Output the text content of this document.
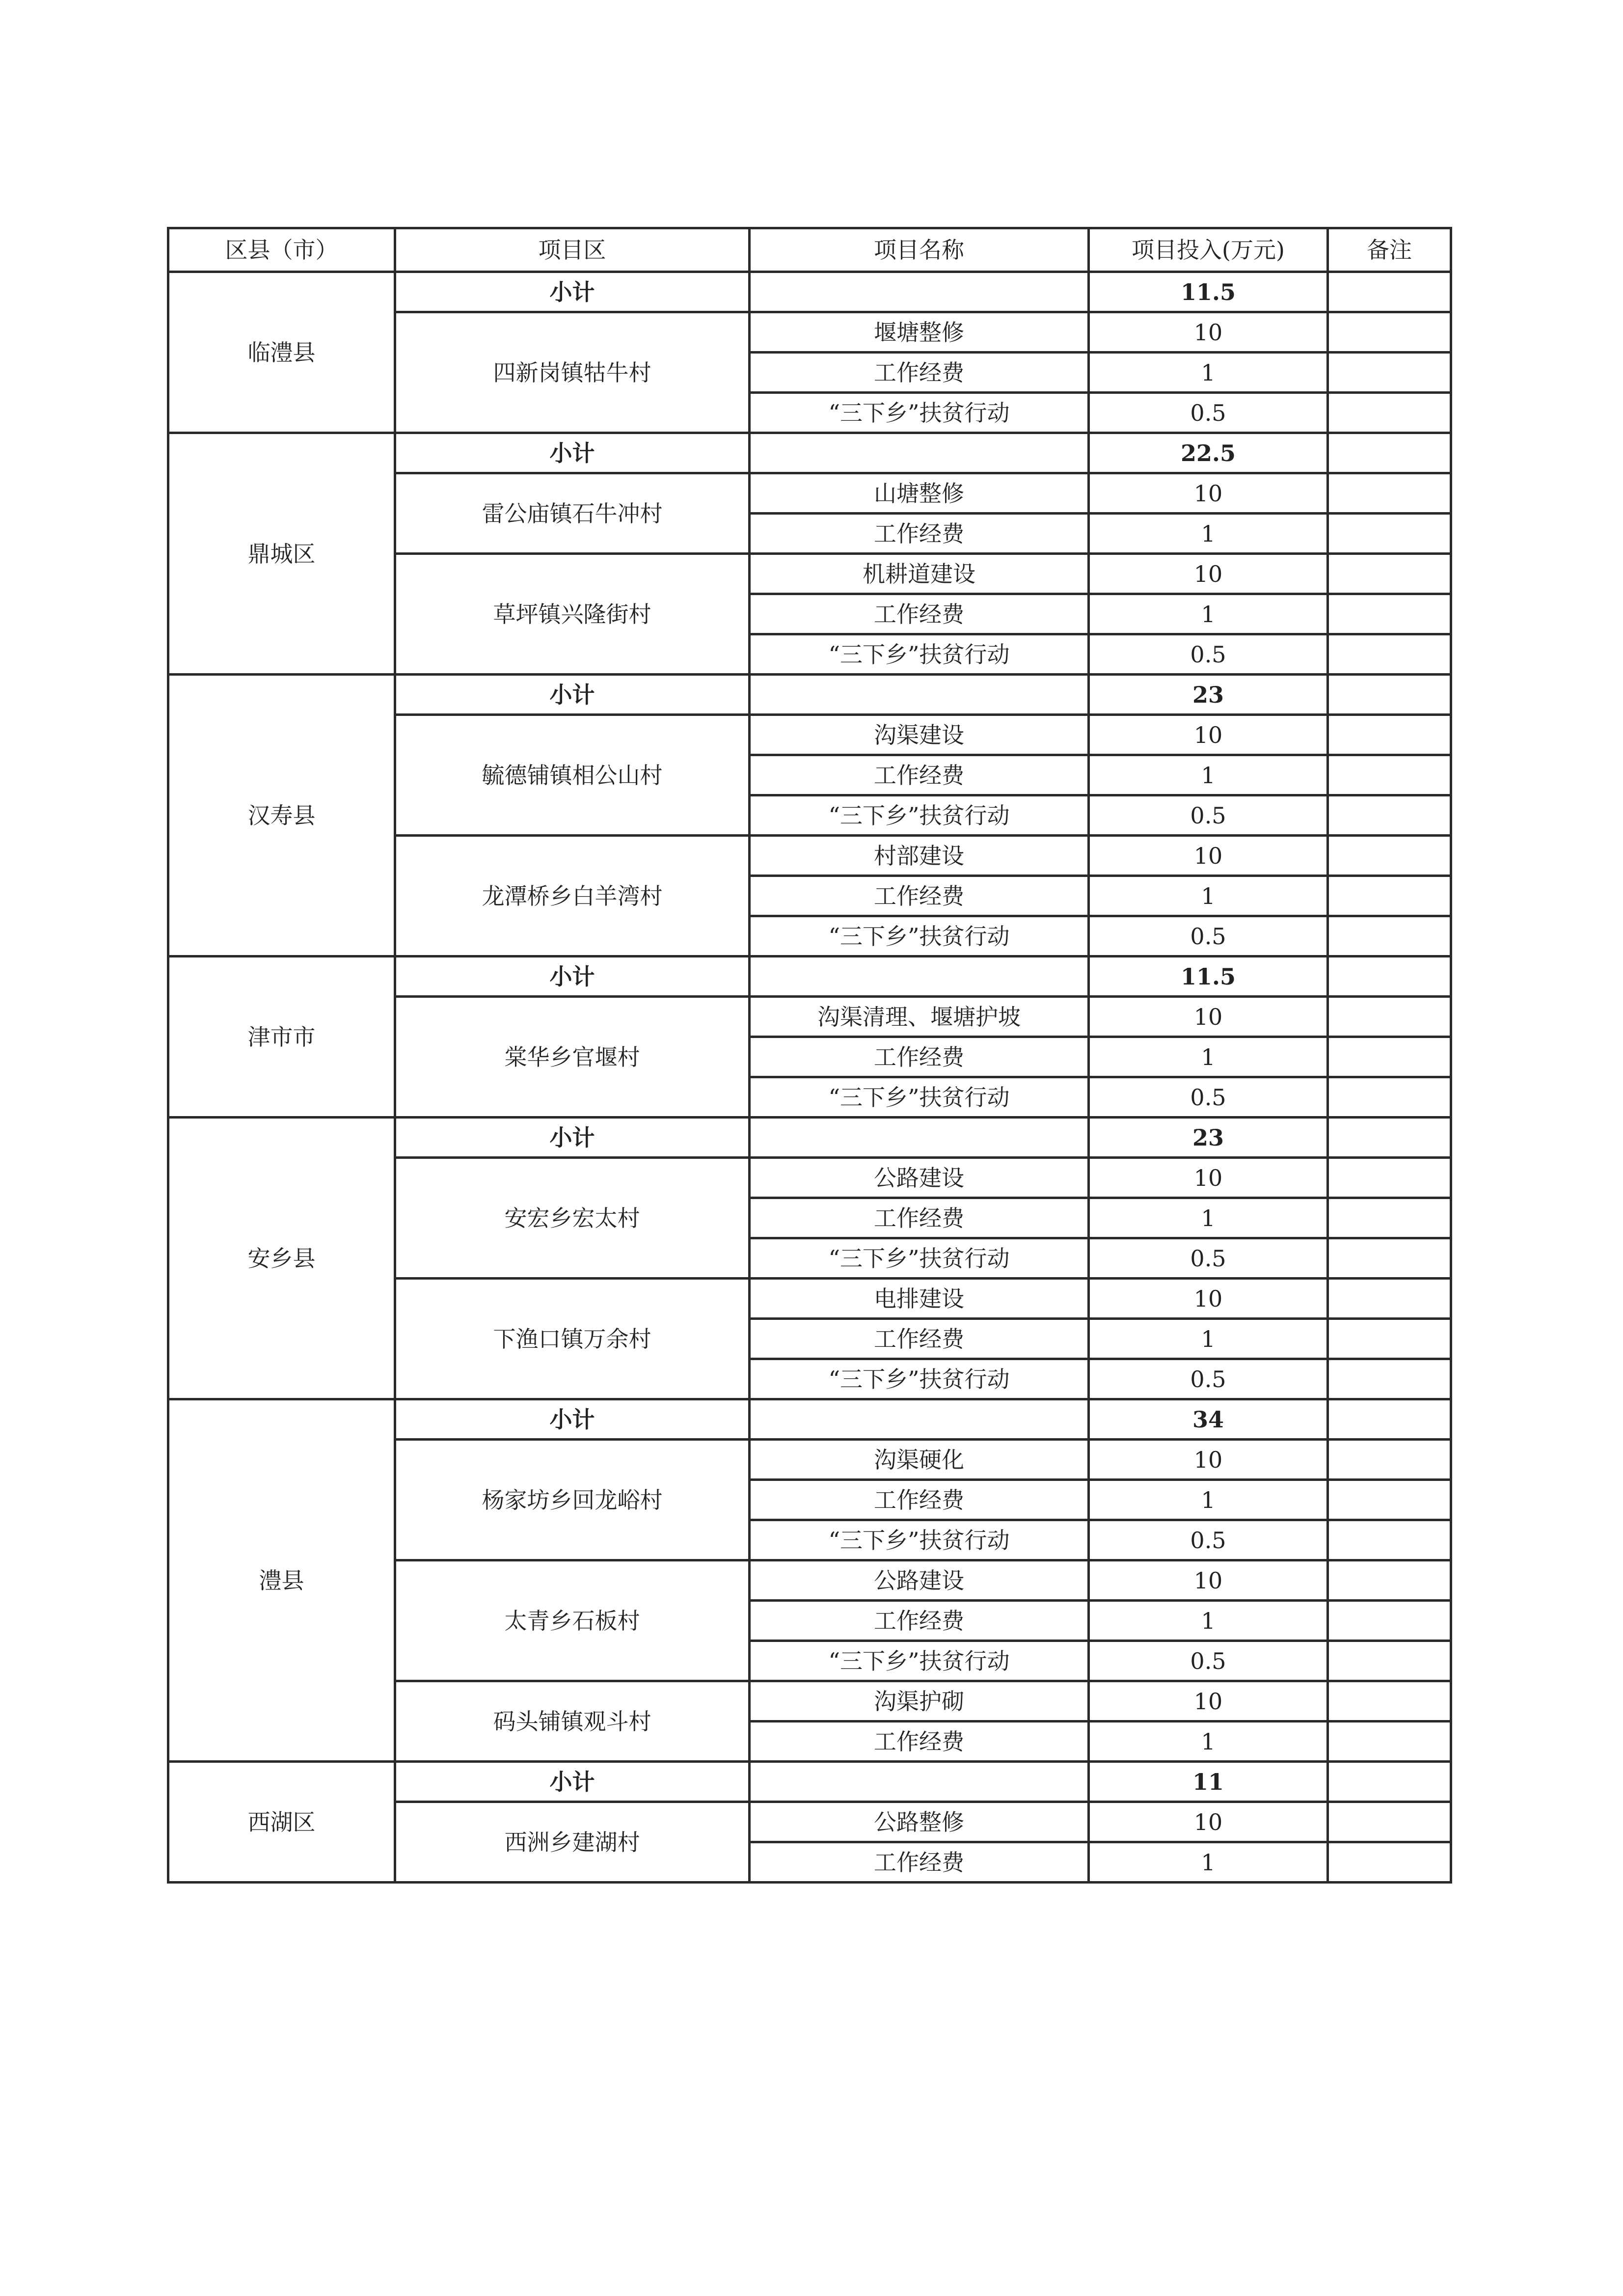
区县（市）	项目区	项目名称	项目投入(万元)	备注
临澧县	小计		11.5	
	四新岗镇牯牛村	堰塘整修	10	
		工作经费	1	
		“三下乡”扶贫行动	0.5	
鼎城区	小计		22.5	
	雷公庙镇石牛冲村	山塘整修	10	
		工作经费	1	
	草坪镇兴隆街村	机耕道建设	10	
		工作经费	1	
		“三下乡”扶贫行动	0.5	
汉寿县	小计		23	
	毓德铺镇相公山村	沟渠建设	10	
		工作经费	1	
		“三下乡”扶贫行动	0.5	
	龙潭桥乡白羊湾村	村部建设	10	
		工作经费	1	
		“三下乡”扶贫行动	0.5	
津市市	小计		11.5	
	棠华乡官堰村	沟渠清理、堰塘护坡	10	
		工作经费	1	
		“三下乡”扶贫行动	0.5	
安乡县	小计		23	
	安宏乡宏太村	公路建设	10	
		工作经费	1	
		“三下乡”扶贫行动	0.5	
	下渔口镇万余村	电排建设	10	
		工作经费	1	
		“三下乡”扶贫行动	0.5	
澧县	小计		34	
	杨家坊乡回龙峪村	沟渠硬化	10	
		工作经费	1	
		“三下乡”扶贫行动	0.5	
	太青乡石板村	公路建设	10	
		工作经费	1	
		“三下乡”扶贫行动	0.5	
	码头铺镇观斗村	沟渠护砌	10	
		工作经费	1	
西湖区	小计		11	
	西洲乡建湖村	公路整修	10	
		工作经费	1	
